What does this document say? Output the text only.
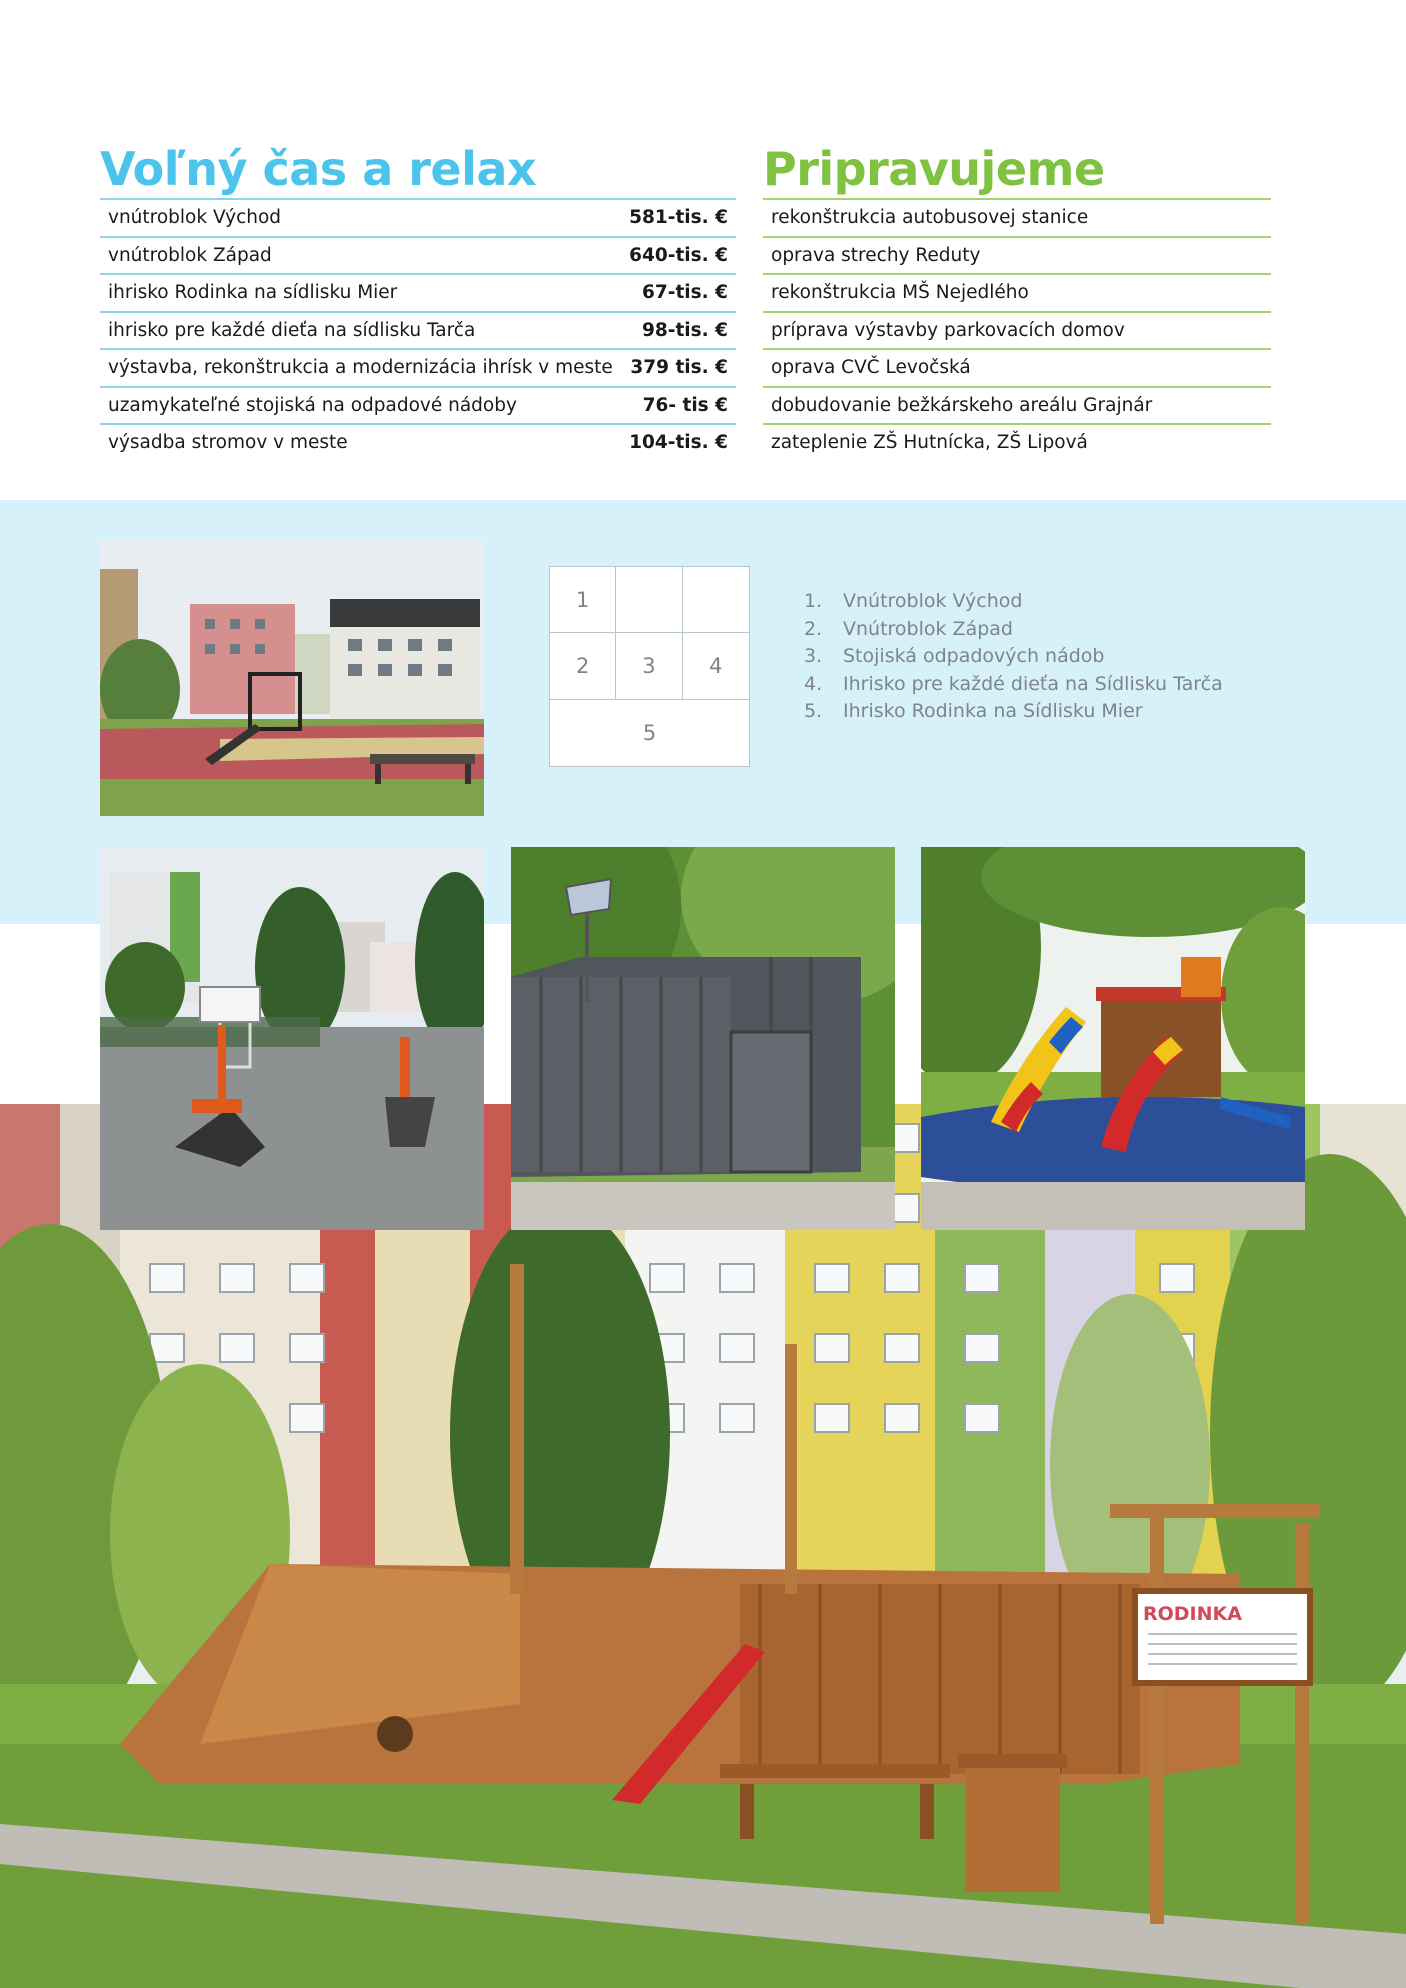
Voľný čas a relax
vnútroblok Východ	581-tis. €
vnútroblok Západ	640-tis. €
ihrisko Rodinka na sídlisku Mier	67-tis. €
ihrisko pre každé dieťa na sídlisku Tarča	98-tis. €
výstavba, rekonštrukcia a modernizácia ihrísk v meste 379 tis. €
uzamykateľné stojiská na odpadové nádoby	76- tis €
výsadba stromov v meste	104-tis. €
Pripravujeme
rekonštrukcia autobusovej stanice
oprava strechy Reduty
rekonštrukcia MŠ Nejedlého
príprava výstavby parkovacích domov
oprava CVČ Levočská
dobudovanie bežkárskeho areálu Grajnár
zateplenie ZŠ Hutnícka, ZŠ Lipová
RODINKA
1
2	3	4
5
1.	Vnútroblok Východ
2.	Vnútroblok Západ
3.	Stojiská odpadových nádob
4.	Ihrisko pre každé dieťa na Sídlisku Tarča
5.	Ihrisko Rodinka na Sídlisku Mier
